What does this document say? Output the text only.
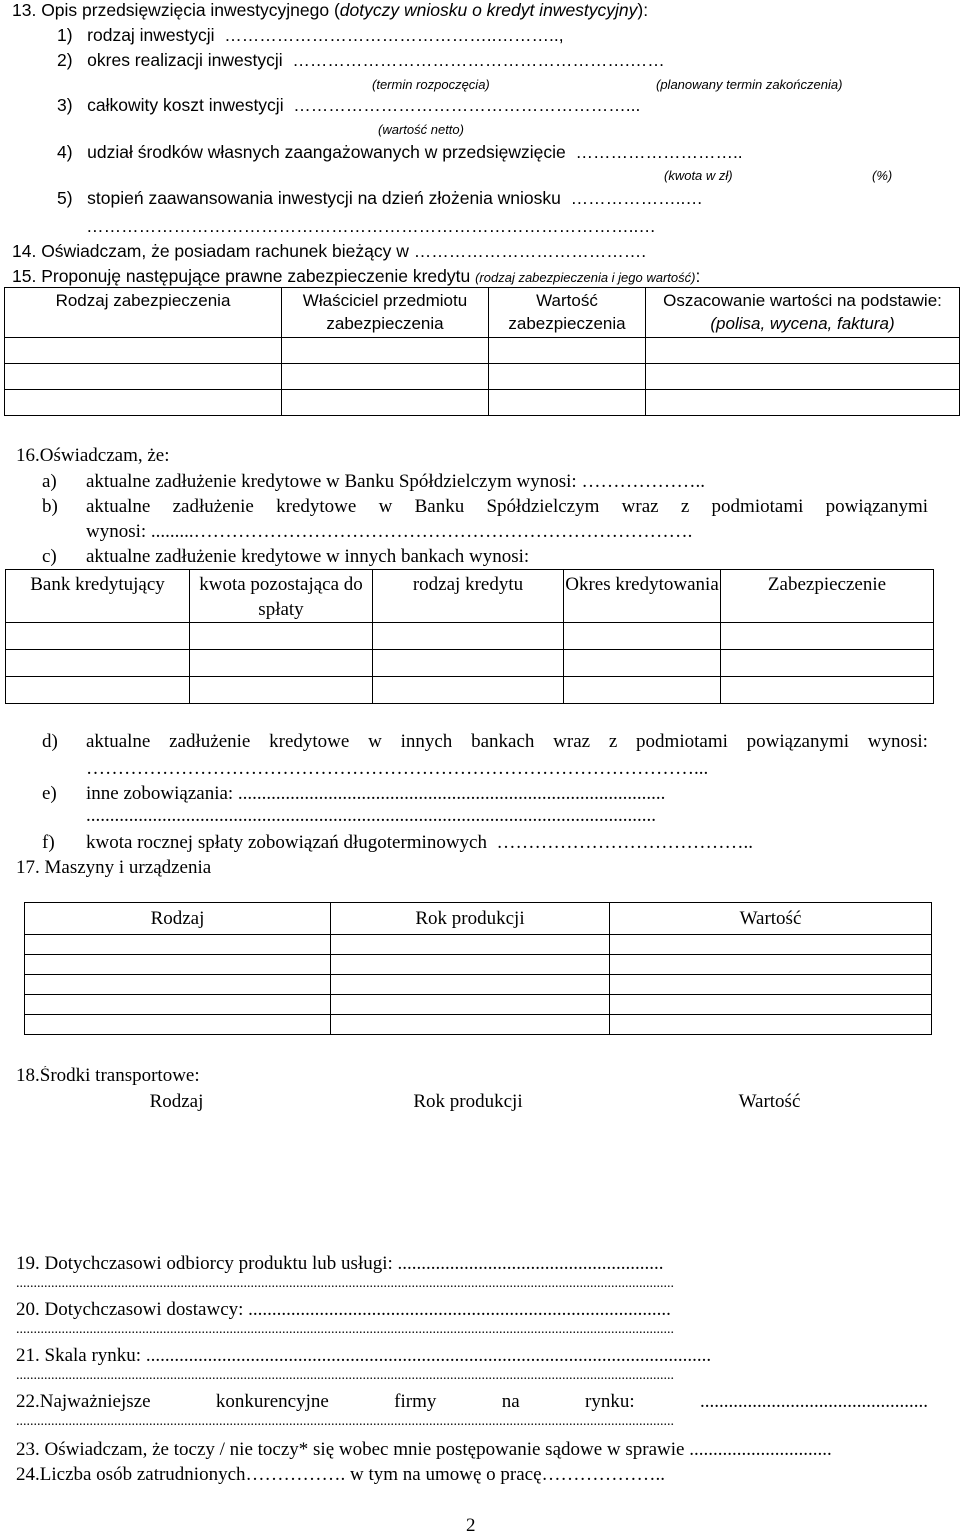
13. Opis przedsięwzięcia inwestycyjnego (dotyczy wniosku o kredyt inwestycyjny):
1)   rodzaj inwestycji  ………………………………………..………..,
2)   okres realizacji inwestycji  ………………………………………………….……
(termin rozpoczęcia)	(planowany termin zakończenia)
3)   całkowity koszt inwestycji  …………………………………………………...
(wartość netto)
4)   udział środków własnych zaangażowanych w przedsięwzięcie  ………………………..
(kwota w zł)	(%)
5)   stopień zaawansowania inwestycji na dzień złożenia wniosku  ………………..…
…………………………………………………………………………………..…
14. Oświadczam, że posiadam rachunek bieżący w ………………………………….
15. Proponuję następujące prawne zabezpieczenie kredytu (rodzaj zabezpieczenia i jego wartość):
Rodzaj zabezpieczenia	Właściciel przedmiotu zabezpieczenia	Wartość zabezpieczenia	Oszacowanie wartości na podstawie:(polisa, wycena, faktura)

16.Oświadczam, że:
a)	aktualne zadłużenie kredytowe w Banku Spółdzielczym wynosi: ………………..
b)	aktualne zadłużenie kredytowe w Banku Spółdzielczym wraz z podmiotami powiązanymi
wynosi: .........…………………………………………………………………….
c)	aktualne zadłużenie kredytowe w innych bankach wynosi:
Bank kredytujący	kwota pozostająca do spłaty	rodzaj kredytu	Okres kredytowania	Zabezpieczenie

d)	aktualne zadłużenie kredytowe w innych bankach wraz z podmiotami powiązanymi wynosi:
……………………………………………………………………………………...
e)	inne zobowiązania: ..........................................................................................
........................................................................................................................
f)	kwota rocznej spłaty zobowiązań długoterminowych  …………………………………..
17. Maszyny i urządzenia
Rodzaj	Rok produkcji	Wartość

18.Środki transportowe:
Rodzaj	Rok produkcji	Wartość
19. Dotychczasowi odbiorcy produktu lub usługi: ........................................................
............................................................................................................................................................................................
20. Dotychczasowi dostawcy: .........................................................................................
............................................................................................................................................................................................
21. Skala rynku: .......................................................................................................................
............................................................................................................................................................................................
22.Najważniejsze	konkurencyjne	firmy	na	rynku:	................................................
............................................................................................................................................................................................
23. Oświadczam, że toczy / nie toczy* się wobec mnie postępowanie sądowe w sprawie ..............................
24.Liczba osób zatrudnionych……………. w tym na umowę o pracę………………..
2
